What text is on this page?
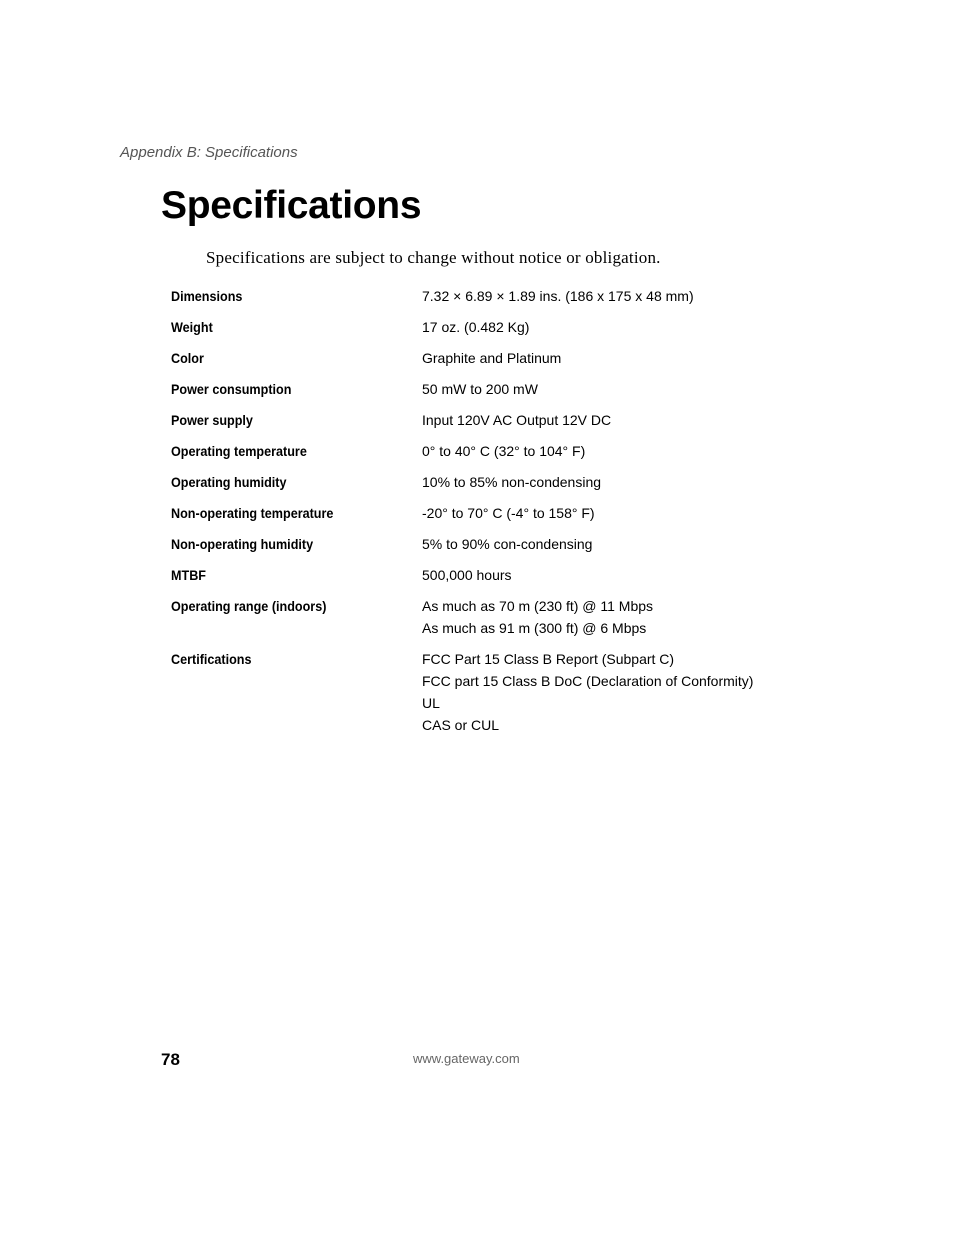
Appendix B: Specifications
Specifications

Specifications are subject to change without notice or obligation.

Dimensions	7.32 × 6.89 × 1.89 ins. (186 x 175 x 48 mm)
Weight	17 oz. (0.482 Kg)
Color	Graphite and Platinum
Power consumption	50 mW to 200 mW
Power supply	Input 120V AC Output 12V DC
Operating temperature	0° to 40° C (32° to 104° F)
Operating humidity	10% to 85% non-condensing
Non-operating temperature	-20° to 70° C (-4° to 158° F)
Non-operating humidity	5% to 90% con-condensing
MTBF	500,000 hours
Operating range (indoors)	As much as 70 m (230 ft) @ 11 Mbps
As much as 91 m (300 ft) @ 6 Mbps
Certifications	FCC Part 15 Class B Report (Subpart C)
FCC part 15 Class B DoC (Declaration of Conformity)
UL
CAS or CUL
78	www.gateway.com
